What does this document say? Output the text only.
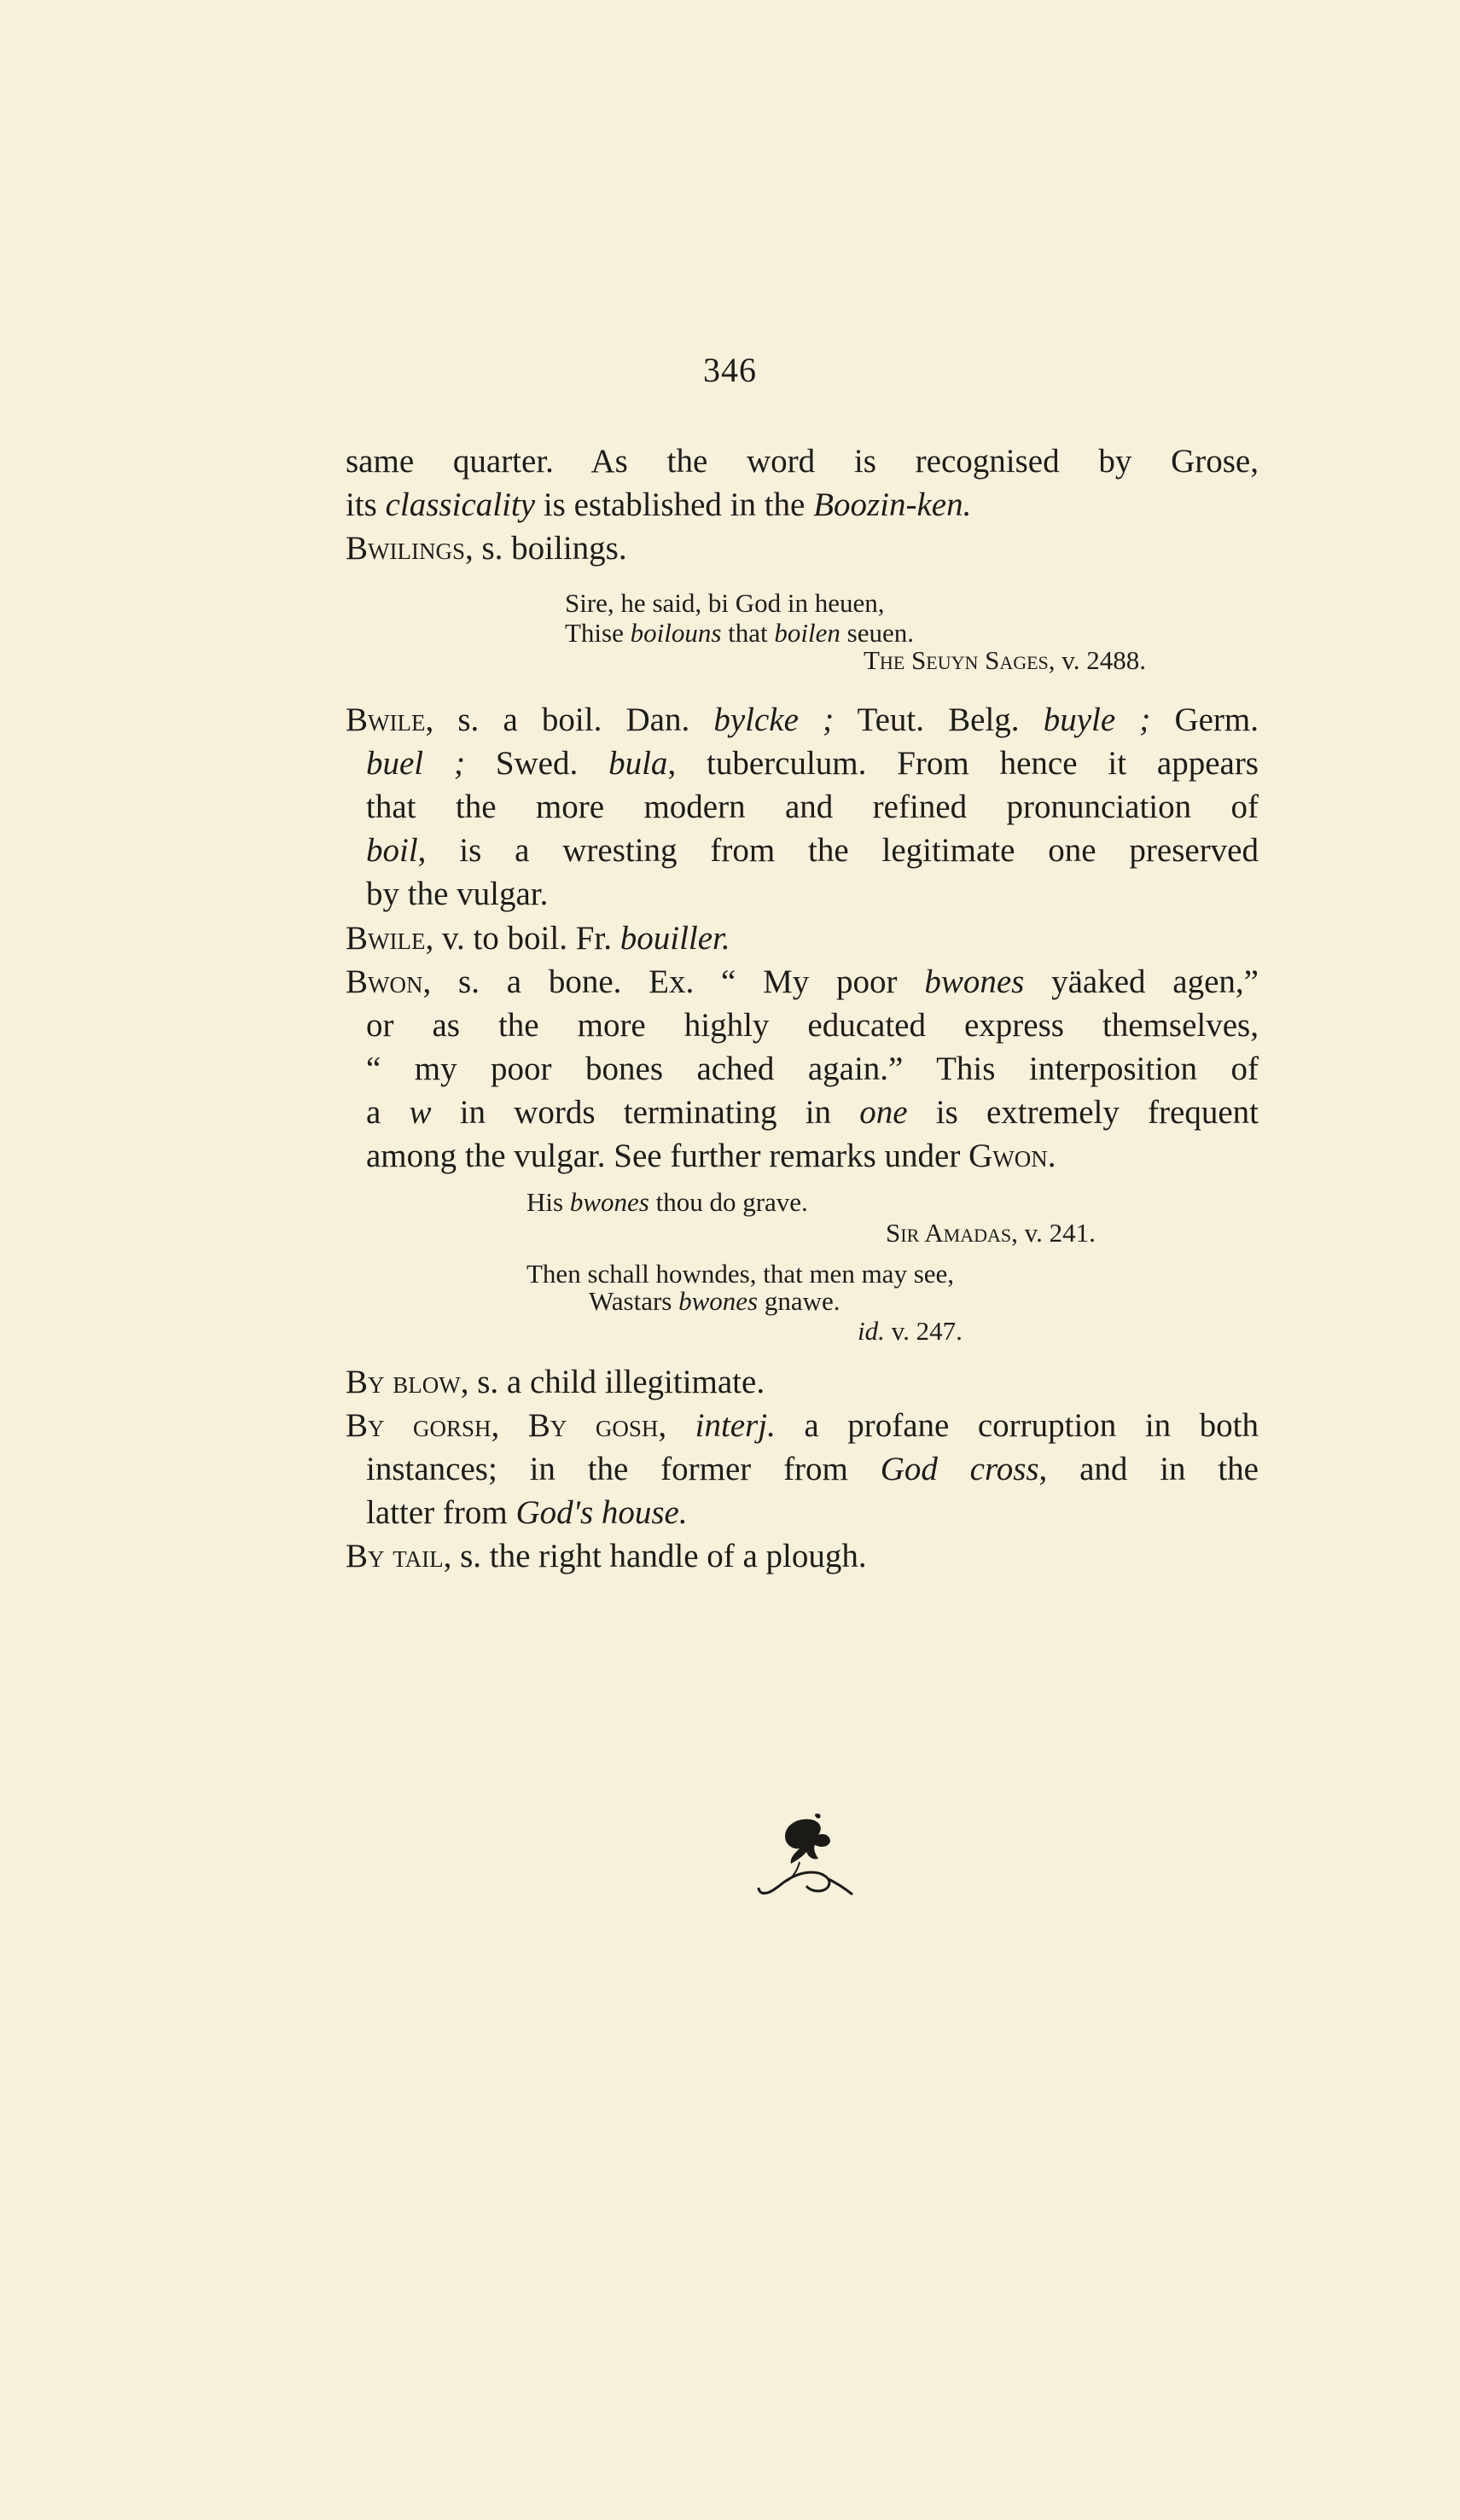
346
same quarter. As the word is recognised by Grose,
its classicality is established in the Boozin-ken.
Bwilings, s. boilings.
Sire, he said, bi God in heuen,
Thise boilouns that boilen seuen.
The Seuyn Sages, v. 2488.
Bwile, s. a boil. Dan. bylcke ; Teut. Belg. buyle ; Germ.
buel ; Swed. bula, tuberculum. From hence it appears
that the more modern and refined pronunciation of
boil, is a wresting from the legitimate one preserved
by the vulgar.
Bwile, v. to boil. Fr. bouiller.
Bwon, s. a bone. Ex. “ My poor bwones yäaked agen,”
or as the more highly educated express themselves,
“ my poor bones ached again.” This interposition of
a w in words terminating in one is extremely frequent
among the vulgar. See further remarks under Gwon.
His bwones thou do grave.
Sir Amadas, v. 241.
Then schall howndes, that men may see,
Wastars bwones gnawe.
id. v. 247.
By blow, s. a child illegitimate.
By gorsh, By gosh, interj. a profane corruption in both
instances; in the former from God cross, and in the
latter from God's house.
By tail, s. the right handle of a plough.
